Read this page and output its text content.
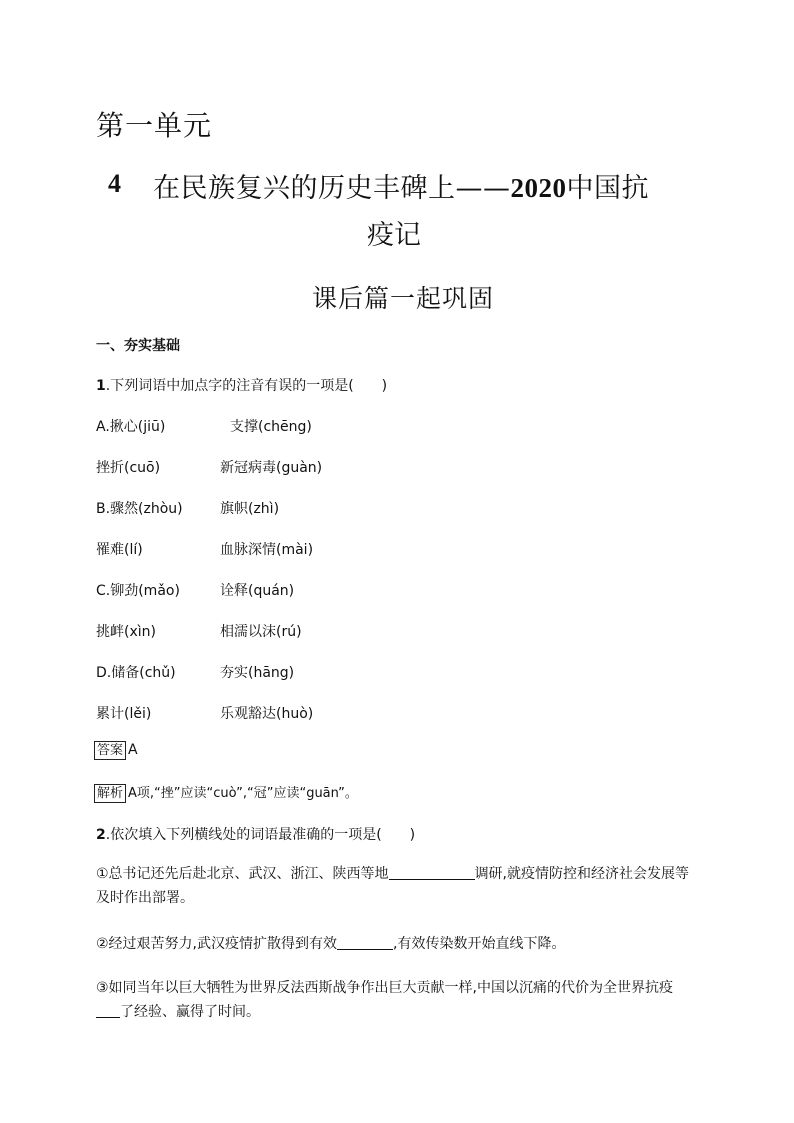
第一单元
4 在民族复兴的历史丰碑上——2020中国抗
疫记
课后篇一起巩固
一、夯实基础
1.下列词语中加点字的注音有误的一项是(　　)
A.揪心(jiū)	支撑(chēng)
挫折(cuō)	新冠病毒(guàn)
B.骤然(zhòu)	旗帜(zhì)
罹难(lí)	血脉深情(mài)
C.铆劲(mǎo)	诠释(quán)
挑衅(xìn)	相濡以沫(rú)
D.储备(chǔ)	夯实(hāng)
累计(lěi)	乐观豁达(huò)
答案 A
解析 A项,“挫”应读“cuò”,“冠”应读“guān”。
2.依次填入下列横线处的词语最准确的一项是(　　)
①总书记还先后赴北京、武汉、浙江、陕西等地	调研,就疫情防控和经济社会发展等及时作出部署。
②经过艰苦努力,武汉疫情扩散得到有效	,有效传染数开始直线下降。
③如同当年以巨大牺牲为世界反法西斯战争作出巨大贡献一样,中国以沉痛的代价为全世界抗疫了经验、赢得了时间。
